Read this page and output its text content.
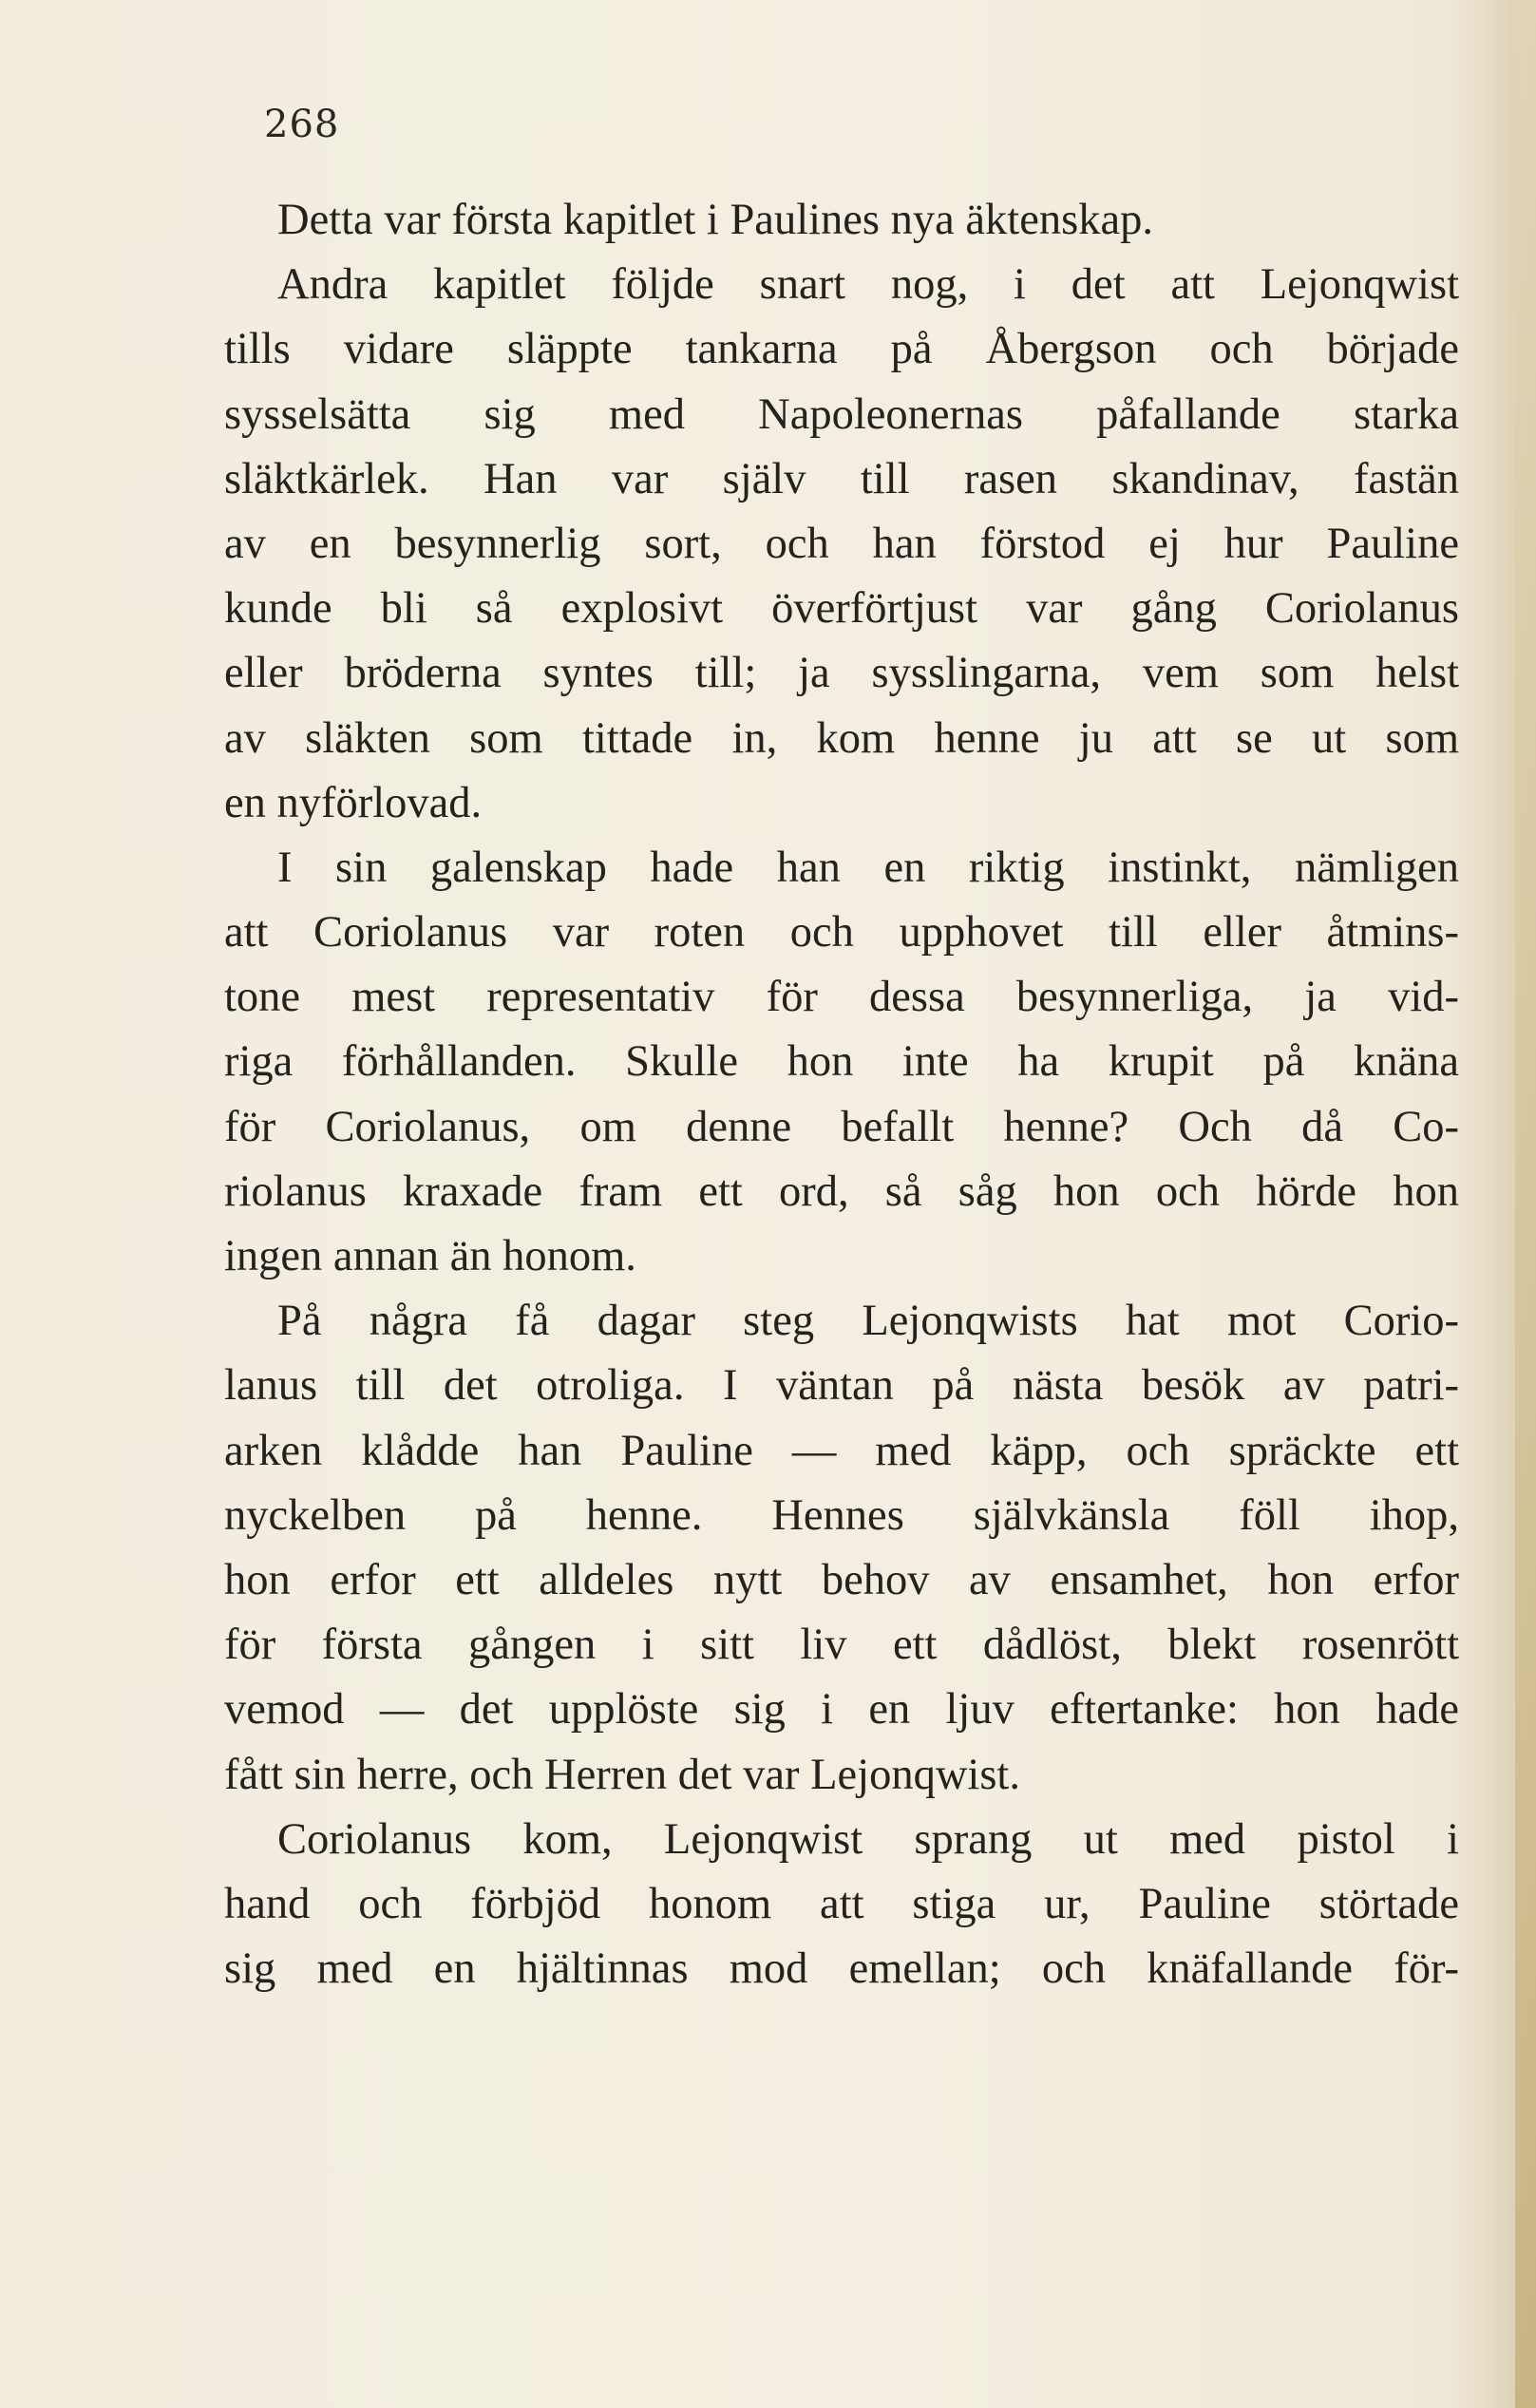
268
Detta var första kapitlet i Paulines nya äktenskap.
Andra kapitlet följde snart nog, i det att Lejonqwist
tills vidare släppte tankarna på Åbergson och började
sysselsätta sig med Napoleonernas påfallande starka
släktkärlek. Han var själv till rasen skandinav, fastän
av en besynnerlig sort, och han förstod ej hur Pauline
kunde bli så explosivt överförtjust var gång Coriolanus
eller bröderna syntes till; ja sysslingarna, vem som helst
av släkten som tittade in, kom henne ju att se ut som
en nyförlovad.
I sin galenskap hade han en riktig instinkt, nämligen
att Coriolanus var roten och upphovet till eller åtmins-
tone mest representativ för dessa besynnerliga, ja vid-
riga förhållanden. Skulle hon inte ha krupit på knäna
för Coriolanus, om denne befallt henne? Och då Co-
riolanus kraxade fram ett ord, så såg hon och hörde hon
ingen annan än honom.
På några få dagar steg Lejonqwists hat mot Corio-
lanus till det otroliga. I väntan på nästa besök av patri-
arken klådde han Pauline — med käpp, och spräckte ett
nyckelben på henne. Hennes självkänsla föll ihop,
hon erfor ett alldeles nytt behov av ensamhet, hon erfor
för första gången i sitt liv ett dådlöst, blekt rosenrött
vemod — det upplöste sig i en ljuv eftertanke: hon hade
fått sin herre, och Herren det var Lejonqwist.
Coriolanus kom, Lejonqwist sprang ut med pistol i
hand och förbjöd honom att stiga ur, Pauline störtade
sig med en hjältinnas mod emellan; och knäfallande för-
